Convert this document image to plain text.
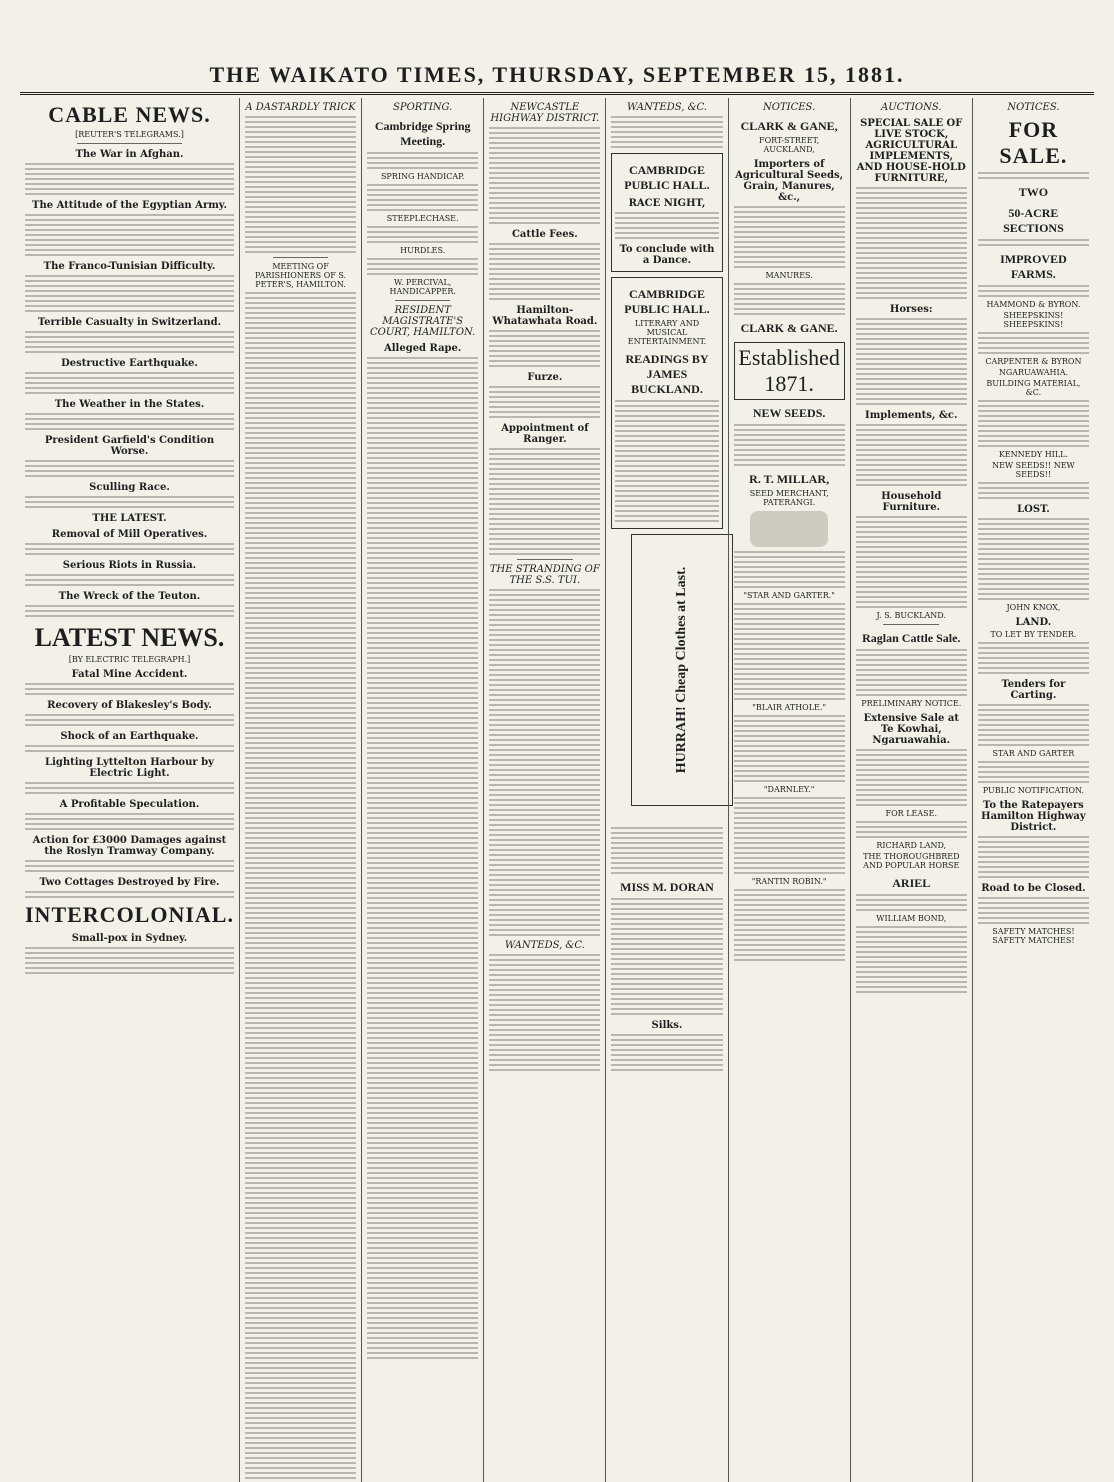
THE WAIKATO TIMES, THURSDAY, SEPTEMBER 15, 1881.
CABLE NEWS.
[REUTER'S TELEGRAMS.]
The War in Afghan.
The Attitude of the Egyptian Army.
The Franco-Tunisian Difficulty.
Terrible Casualty in Switzerland.
Destructive Earthquake.
The Weather in the States.
President Garfield's Condition Worse.
Sculling Race.
THE LATEST.
Removal of Mill Operatives.
Serious Riots in Russia.
The Wreck of the Teuton.
LATEST NEWS.
[BY ELECTRIC TELEGRAPH.]
Fatal Mine Accident.
Recovery of Blakesley's Body.
Shock of an Earthquake.
Lighting Lyttelton Harbour by Electric Light.
A Profitable Speculation.
Action for £3000 Damages against the Roslyn Tramway Company.
Two Cottages Destroyed by Fire.
INTERCOLONIAL.
Small-pox in Sydney.
A DASTARDLY TRICK
MEETING OF PARISHIONERS OF S. PETER'S, HAMILTON.
SPORTING.
Cambridge Spring Meeting.
SPRING HANDICAP.
STEEPLECHASE.
HURDLES.
W. PERCIVAL, HANDICAPPER.
RESIDENT MAGISTRATE'S COURT, HAMILTON.
Alleged Rape.
NEWCASTLE HIGHWAY DISTRICT.
Cattle Fees.
Hamilton-Whatawhata Road.
Furze.
Appointment of Ranger.
THE STRANDING OF THE S.S. TUI.
WANTEDS, &C.
WANTEDS, &C.
CAMBRIDGE PUBLIC HALL.
RACE NIGHT,
To conclude with a Dance.
CAMBRIDGE PUBLIC HALL.
LITERARY AND MUSICAL ENTERTAINMENT.
READINGS BY JAMES BUCKLAND.
HURRAH! Cheap Clothes at Last.
MISS M. DORAN
Silks.
NOTICES.
CLARK & GANE,
FORT-STREET, AUCKLAND,
Importers of Agricultural Seeds, Grain, Manures, &c.,
MANURES.
CLARK & GANE.
Established 1871.
NEW SEEDS.
R. T. MILLAR,
SEED MERCHANT, PATERANGI.
"STAR AND GARTER."
"BLAIR ATHOLE."
"DARNLEY."
"RANTIN ROBIN."
AUCTIONS.
SPECIAL SALE OF LIVE STOCK, AGRICULTURAL IMPLEMENTS, AND HOUSE-HOLD FURNITURE,
Horses:
Implements, &c.
Household Furniture.
J. S. BUCKLAND.
Raglan Cattle Sale.
PRELIMINARY NOTICE.
Extensive Sale at Te Kowhai, Ngaruawahia.
FOR LEASE.
RICHARD LAND,
THE THOROUGHBRED AND POPULAR HORSE
ARIEL
WILLIAM BOND,
NOTICES.
FOR SALE.
TWO
50-ACRE SECTIONS
IMPROVED FARMS.
HAMMOND & BYRON.
SHEEPSKINS! SHEEPSKINS!
CARPENTER & BYRON
NGARUAWAHIA.
BUILDING MATERIAL, &C.
KENNEDY HILL.
NEW SEEDS!! NEW SEEDS!!
LOST.
JOHN KNOX,
LAND.
TO LET BY TENDER.
Tenders for Carting.
STAR AND GARTER
PUBLIC NOTIFICATION.
To the Ratepayers Hamilton Highway District.
Road to be Closed.
SAFETY MATCHES! SAFETY MATCHES!
